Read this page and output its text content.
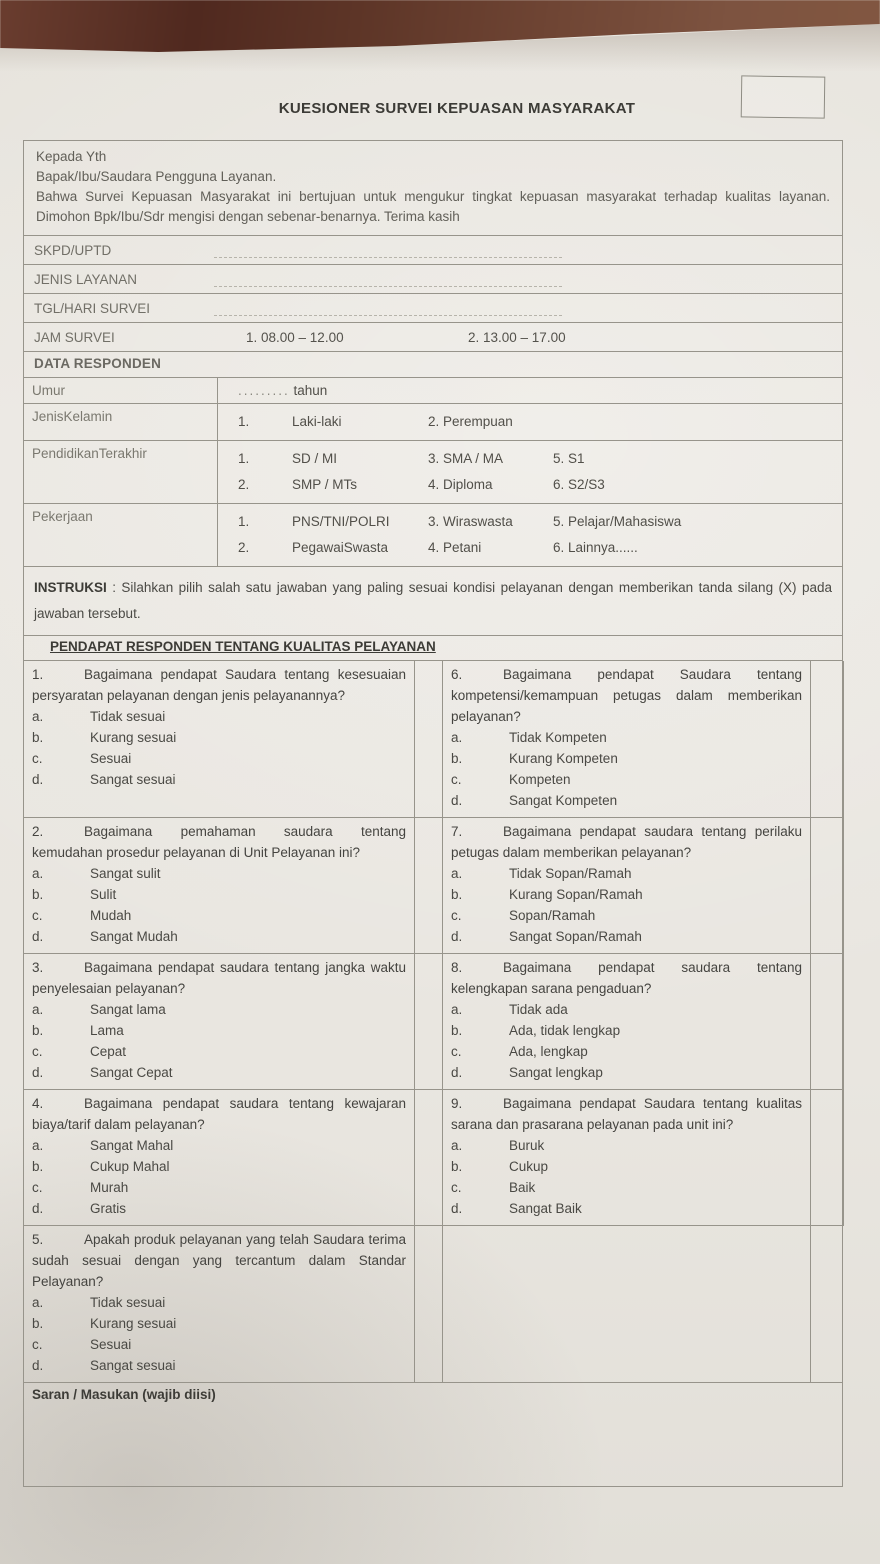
KUESIONER SURVEI KEPUASAN MASYARAKAT
Kepada Yth
Bapak/Ibu/Saudara Pengguna Layanan.
Bahwa Survei Kepuasan Masyarakat ini bertujuan untuk mengukur tingkat kepuasan masyarakat terhadap kualitas layanan. Dimohon Bpk/Ibu/Sdr mengisi dengan sebenar-benarnya. Terima kasih
SKPD/UPTD
JENIS LAYANAN
TGL/HARI SURVEI
JAM SURVEI	1. 08.00 – 12.00	2. 13.00 – 17.00
DATA RESPONDEN
Umur	......... tahun
JenisKelamin	1.	Laki-laki	2. Perempuan
PendidikanTerakhir	1.	SD / MI	3. SMA / MA	5. S1
2.	SMP / MTs	4. Diploma	6. S2/S3
Pekerjaan	1.	PNS/TNI/POLRI	3. Wiraswasta	5. Pelajar/Mahasiswa
2.	PegawaiSwasta	4. Petani	6. Lainnya......
INSTRUKSI : Silahkan pilih salah satu jawaban yang paling sesuai kondisi pelayanan dengan memberikan tanda silang (X) pada jawaban tersebut.
PENDAPAT RESPONDEN TENTANG KUALITAS PELAYANAN
1.	Bagaimana pendapat Saudara tentang kesesuaian persyaratan pelayanan dengan jenis pelayanannya?
a.	Tidak sesuai
b.	Kurang sesuai
c.	Sesuai
d.	Sangat sesuai
6.	Bagaimana pendapat Saudara tentang kompetensi/kemampuan petugas dalam memberikan pelayanan?
a.	Tidak Kompeten
b.	Kurang Kompeten
c.	Kompeten
d.	Sangat Kompeten
2.	Bagaimana pemahaman saudara tentang kemudahan prosedur pelayanan di Unit Pelayanan ini?
a.	Sangat sulit
b.	Sulit
c.	Mudah
d.	Sangat Mudah
7.	Bagaimana pendapat saudara tentang perilaku petugas dalam memberikan pelayanan?
a.	Tidak Sopan/Ramah
b.	Kurang Sopan/Ramah
c.	Sopan/Ramah
d.	Sangat Sopan/Ramah
3.	Bagaimana pendapat saudara tentang jangka waktu penyelesaian pelayanan?
a.	Sangat lama
b.	Lama
c.	Cepat
d.	Sangat Cepat
8.	Bagaimana pendapat saudara tentang kelengkapan sarana pengaduan?
a.	Tidak ada
b.	Ada, tidak lengkap
c.	Ada, lengkap
d.	Sangat lengkap
4.	Bagaimana pendapat saudara tentang kewajaran biaya/tarif dalam pelayanan?
a.	Sangat Mahal
b.	Cukup Mahal
c.	Murah
d.	Gratis
9.	Bagaimana pendapat Saudara tentang kualitas sarana dan prasarana pelayanan pada unit ini?
a.	Buruk
b.	Cukup
c.	Baik
d.	Sangat Baik
5.	Apakah produk pelayanan yang telah Saudara terima sudah sesuai dengan yang tercantum dalam Standar Pelayanan?
a.	Tidak sesuai
b.	Kurang sesuai
c.	Sesuai
d.	Sangat sesuai
Saran / Masukan (wajib diisi)
